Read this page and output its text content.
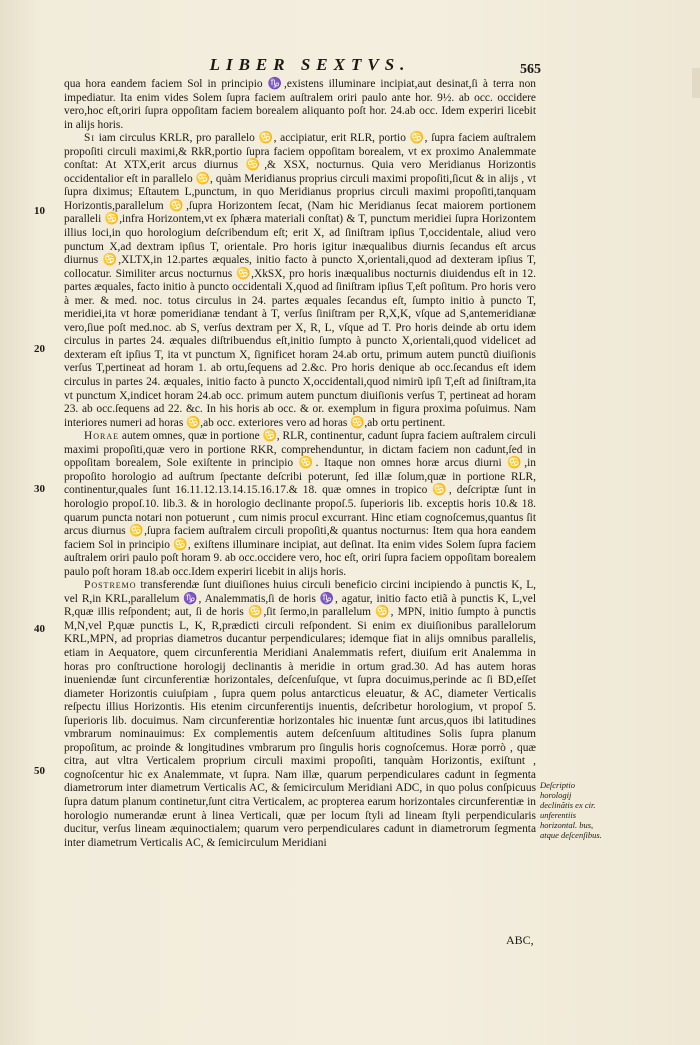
LIBER SEXTVS.	565
10
20
30
40
50

qua hora eandem faciem Sol in principio ♑,existens illuminare incipiat,aut desinat,ſi à terra non impediatur. Ita enim vides Solem ſupra faciem auſtralem oriri paulo ante hor. 9½. ab occ. occidere vero,hoc eſt,oriri ſupra oppoſitam faciem borealem aliquanto poſt hor. 24.ab occ. Idem experiri licebit in alijs horis.

Si iam circulus KRLR, pro parallelo ♋, accipiatur, erit RLR, portio ♋, ſupra faciem auſtralem propoſiti circuli maximi,& RkR,portio ſupra faciem oppoſitam borealem, vt ex proximo Analemmate conſtat: At XTX,erit arcus diurnus ♋,& XSX, nocturnus. Quia vero Meridianus Horizontis occidentalior eſt in parallelo ♋, quàm Meridianus proprius circuli maximi propoſiti,ſicut & in alijs , vt ſupra diximus; Eſtautem L,punctum, in quo Meridianus proprius circuli maximi propoſiti,tanquam Horizontis,parallelum ♋,ſupra Horizontem ſecat, (Nam hic Meridianus ſecat maiorem portionem paralleli ♋,infra Horizontem,vt ex ſphæra materiali conſtat) & T, punctum meridiei ſupra Horizontem illius loci,in quo horologium deſcribendum eſt; erit X, ad ſiniſtram ipſius T,occidentale, aliud vero punctum X,ad dextram ipſius T, orientale. Pro horis igitur inæqualibus diurnis ſecandus eſt arcus diurnus ♋,XLTX,in 12.partes æquales, initio facto à puncto X,orientali,quod ad dexteram ipſius T, collocatur. Similiter arcus nocturnus ♋,XkSX, pro horis inæqualibus nocturnis diuidendus eſt in 12. partes æquales, facto initio à puncto occidentali X,quod ad ſiniſtram ipſius T,eſt poſitum. Pro horis vero à mer. & med. noc. totus circulus in 24. partes æquales ſecandus eſt, ſumpto initio à puncto T, meridiei,ita vt horæ pomeridianæ tendant à T, verſus ſiniſtram per R,X,K, vſque ad S,antemeridianæ vero,ſiue poſt med.noc. ab S, verſus dextram per X, R, L, vſque ad T. Pro horis deinde ab ortu idem circulus in partes 24. æquales diſtribuendus eſt,initio ſumpto à puncto X,orientali,quod videlicet ad dexteram eſt ipſius T, ita vt punctum X, ſignificet horam 24.ab ortu, primum autem punctũ diuiſionis verſus T,pertineat ad horam 1. ab ortu,ſequens ad 2.&c. Pro horis denique ab occ.ſecandus eſt idem circulus in partes 24. æquales, initio facto à puncto X,occidentali,quod nimirũ ipſi T,eſt ad ſiniſtram,ita vt punctum X,indicet horam 24.ab occ. primum autem punctum diuiſionis verſus T, pertineat ad horam 23. ab occ.ſequens ad 22. &c. In his horis ab occ. & or. exemplum in figura proxima poſuimus. Nam interiores numeri ad horas ♋,ab occ. exteriores vero ad horas ♋,ab ortu pertinent.

Horae autem omnes, quæ in portione ♋, RLR, continentur, cadunt ſupra faciem auſtralem circuli maximi propoſiti,quæ vero in portione RKR, comprehenduntur, in dictam faciem non cadunt,ſed in oppoſitam borealem, Sole exiſtente in principio ♋. Itaque non omnes horæ arcus diurni ♋,in propoſito horologio ad auſtrum ſpectante deſcribi poterunt, ſed illæ ſolum,quæ in portione RLR, continentur,quales ſunt 16.11.12.13.14.15.16.17.& 18. quæ omnes in tropico ♋, deſcriptæ ſunt in horologio propoſ.10. lib.3. & in horologio declinante propoſ.5. ſuperioris lib. exceptis horis 10.& 18. quarum puncta notari non potuerunt , cum nimis procul excurrant. Hinc etiam cognoſcemus,quantus ſit arcus diurnus ♋,ſupra faciem auſtralem circuli propoſiti,& quantus nocturnus: Item qua hora eandem faciem Sol in principio ♋, exiſtens illuminare incipiat, aut deſinat. Ita enim vides Solem ſupra faciem auſtralem oriri paulo poſt horam 9. ab occ.occidere vero, hoc eſt, oriri ſupra faciem oppoſitam borealem paulo poſt horam 18.ab occ.Idem experiri licebit in alijs horis.

Postremo transferendæ ſunt diuiſiones huius circuli beneficio circini incipiendo à punctis K, L, vel R,in KRL,parallelum ♑, Analemmatis,ſi de horis ♑, agatur, initio facto etiã à punctis K, L,vel R,quæ illis reſpondent; aut, ſi de horis ♋,ſit ſermo,in parallelum ♋, MPN, initio ſumpto à punctis M,N,vel P,quæ punctis L, K, R,prædicti circuli reſpondent. Si enim ex diuiſionibus parallelorum KRL,MPN, ad proprias diametros ducantur perpendiculares; idemque fiat in alijs omnibus parallelis, etiam in Aequatore, quem circunferentia Meridiani Analemmatis refert, diuiſum erit Analemma in horas pro conſtructione horologij declinantis à meridie in ortum grad.30. Ad has autem horas inueniendæ ſunt circunferentiæ horizontales, deſcenſuſque, vt ſupra docuimus,perinde ac ſi BD,eſſet diameter Horizontis cuiuſpiam , ſupra quem polus antarcticus eleuatur, & AC, diameter Verticalis reſpectu illius Horizontis. His etenim circunferentijs inuentis, deſcribetur horologium, vt propoſ 5. ſuperioris lib. docuimus. Nam circunferentiæ horizontales hic inuentæ ſunt arcus,quos ibi latitudines vmbrarum nominauimus: Ex complementis autem deſcenſuum altitudines Solis ſupra planum propoſitum, ac proinde & longitudines vmbrarum pro ſingulis horis cognoſcemus. Horæ porrò , quæ citra, aut vltra Verticalem proprium circuli maximi propoſiti, tanquàm Horizontis, exiſtunt , cognoſcentur hic ex Analemmate, vt ſupra. Nam illæ, quarum perpendiculares cadunt in ſegmenta diametrorum inter diametrum Verticalis AC, & ſemicirculum Meridiani ADC, in quo polus conſpicuus ſupra datum planum continetur,ſunt citra Verticalem, ac propterea earum horizontales circunferentiæ in horologio numerandæ erunt à linea Verticali, quæ per locum ſtyli ad lineam ſtyli perpendicularis ducitur, verſus lineam æquinoctialem; quarum vero perpendiculares cadunt in diametrorum ſegmenta inter diametrum Verticalis AC, & ſemicirculum Meridiani

Deſcriptio horologij declinãtis ex cir. unferentiis horizontal. bus, atque deſcenſibus.
ABC,
